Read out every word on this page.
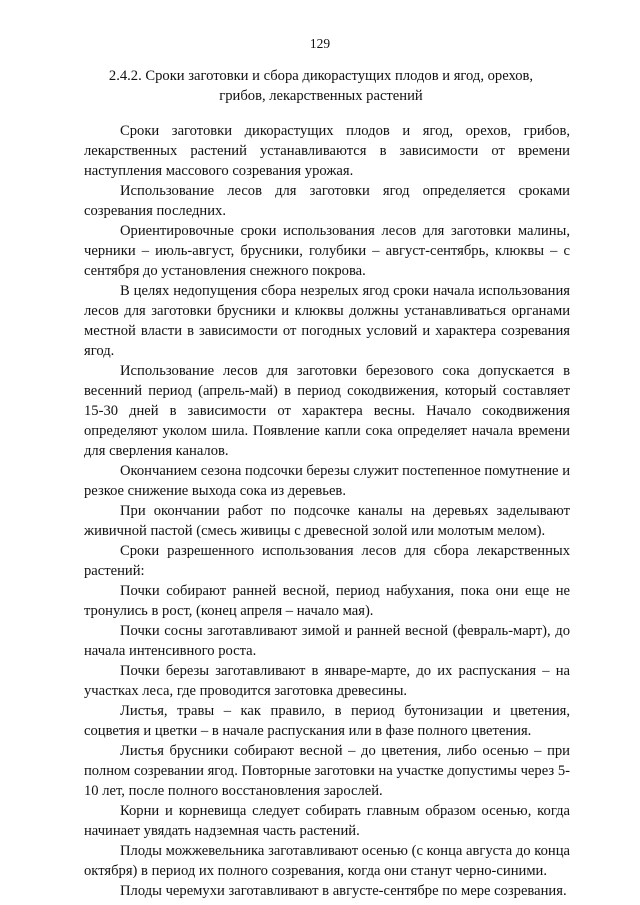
129
2.4.2. Сроки заготовки и сбора дикорастущих плодов и ягод, орехов, грибов, лекарственных растений

Сроки заготовки дикорастущих плодов и ягод, орехов, грибов, лекарственных растений устанавливаются в зависимости от времени наступления массового созревания урожая.

Использование лесов для заготовки ягод определяется сроками созревания последних.

Ориентировочные сроки использования лесов для заготовки малины, черники – июль-август, брусники, голубики – август-сентябрь, клюквы – с сентября до установления снежного покрова.

В целях недопущения сбора незрелых ягод сроки начала использования лесов для заготовки брусники и клюквы должны устанавливаться органами местной власти в зависимости от погодных условий и характера созревания ягод.

Использование лесов для заготовки березового сока допускается в весенний период (апрель-май) в период сокодвижения, который составляет 15-30 дней в зависимости от характера весны. Начало сокодвижения определяют уколом шила. Появление капли сока определяет начала времени для сверления каналов.

Окончанием сезона подсочки березы служит постепенное помутнение и резкое снижение выхода сока из деревьев.

При окончании работ по подсочке каналы на деревьях заделывают живичной пастой (смесь живицы с древесной золой или молотым мелом).

Сроки разрешенного использования лесов для сбора лекарственных растений:

Почки собирают ранней весной, период набухания, пока они еще не тронулись в рост, (конец апреля – начало мая).

Почки сосны заготавливают зимой и ранней весной (февраль-март), до начала интенсивного роста.

Почки березы заготавливают в январе-марте, до их распускания – на участках леса, где проводится заготовка древесины.

Листья, травы – как правило, в период бутонизации и цветения, соцветия и цветки – в начале распускания или в фазе полного цветения.

Листья брусники собирают весной – до цветения, либо осенью – при полном созревании ягод. Повторные заготовки на участке допустимы через 5-10 лет, после полного восстановления зарослей.

Корни и корневища следует собирать главным образом осенью, когда начинает увядать надземная часть растений.

Плоды можжевельника заготавливают осенью (с конца августа до конца октября) в период их полного созревания, когда они станут черно-синими.

Плоды черемухи заготавливают в августе-сентябре по мере созревания.
